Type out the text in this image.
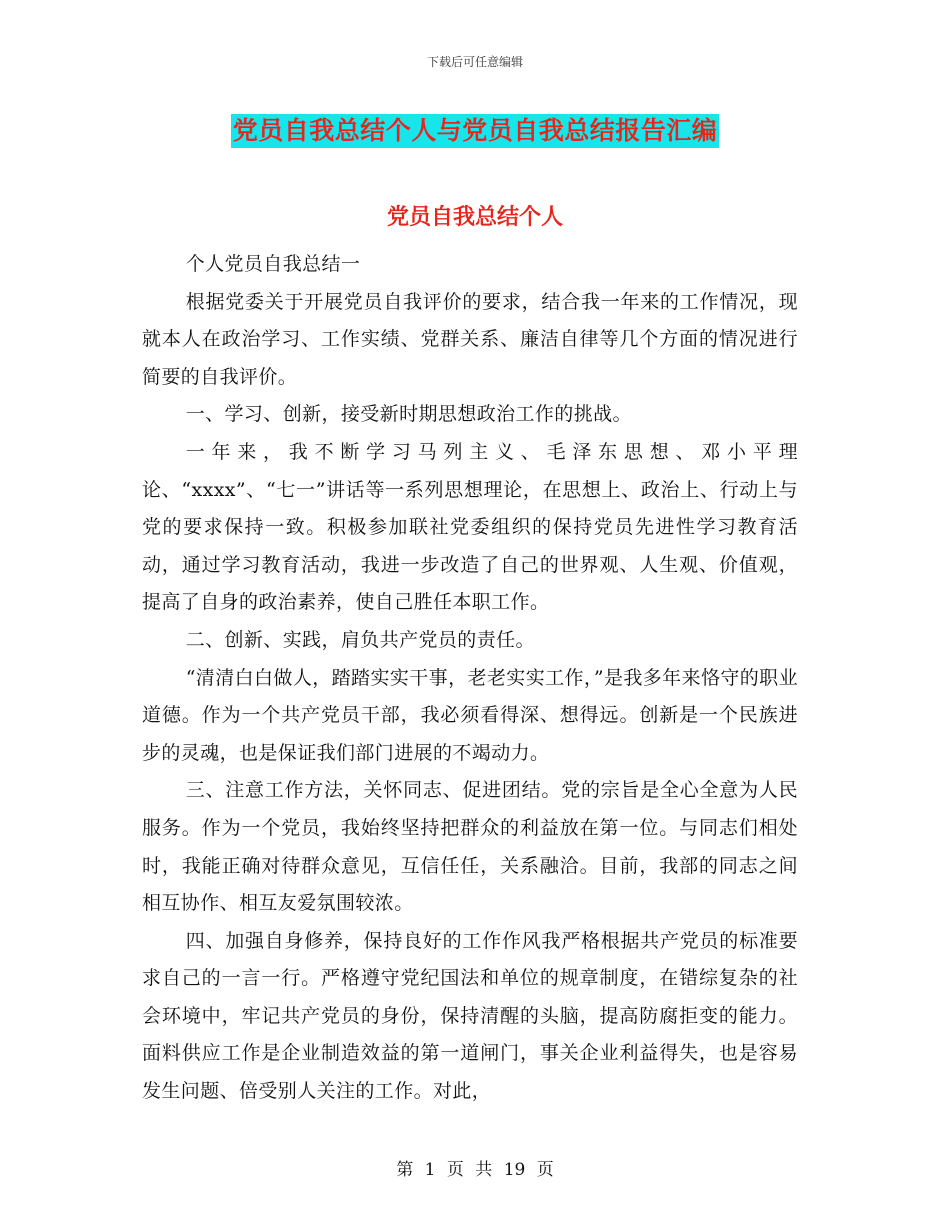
下载后可任意编辑
党员自我总结个人与党员自我总结报告汇编
党员自我总结个人

个人党员自我总结一

根据党委关于开展党员自我评价的要求，结合我一年来的工作情况，现就本人在政治学习、工作实绩、党群关系、廉洁自律等几个方面的情况进行简要的自我评价。

一、学习、创新，接受新时期思想政治工作的挑战。

一年来，我不断学习马列主义、毛泽东思想、邓小平理论、“xxxx”、“七一”讲话等一系列思想理论，在思想上、政治上、行动上与党的要求保持一致。积极参加联社党委组织的保持党员先进性学习教育活动，通过学习教育活动，我进一步改造了自己的世界观、人生观、价值观，提高了自身的政治素养，使自己胜任本职工作。

二、创新、实践，肩负共产党员的责任。

“清清白白做人，踏踏实实干事，老老实实工作，”是我多年来恪守的职业道德。作为一个共产党员干部，我必须看得深、想得远。创新是一个民族进步的灵魂，也是保证我们部门进展的不竭动力。

三、注意工作方法，关怀同志、促进团结。党的宗旨是全心全意为人民服务。作为一个党员，我始终坚持把群众的利益放在第一位。与同志们相处时，我能正确对待群众意见，互信任任，关系融洽。目前，我部的同志之间相互协作、相互友爱氛围较浓。

四、加强自身修养，保持良好的工作作风我严格根据共产党员的标准要求自己的一言一行。严格遵守党纪国法和单位的规章制度，在错综复杂的社会环境中，牢记共产党员的身份，保持清醒的头脑，提高防腐拒变的能力。面料供应工作是企业制造效益的第一道闸门，事关企业利益得失，也是容易发生问题、倍受别人关注的工作。对此，

第 1 页 共 19 页
